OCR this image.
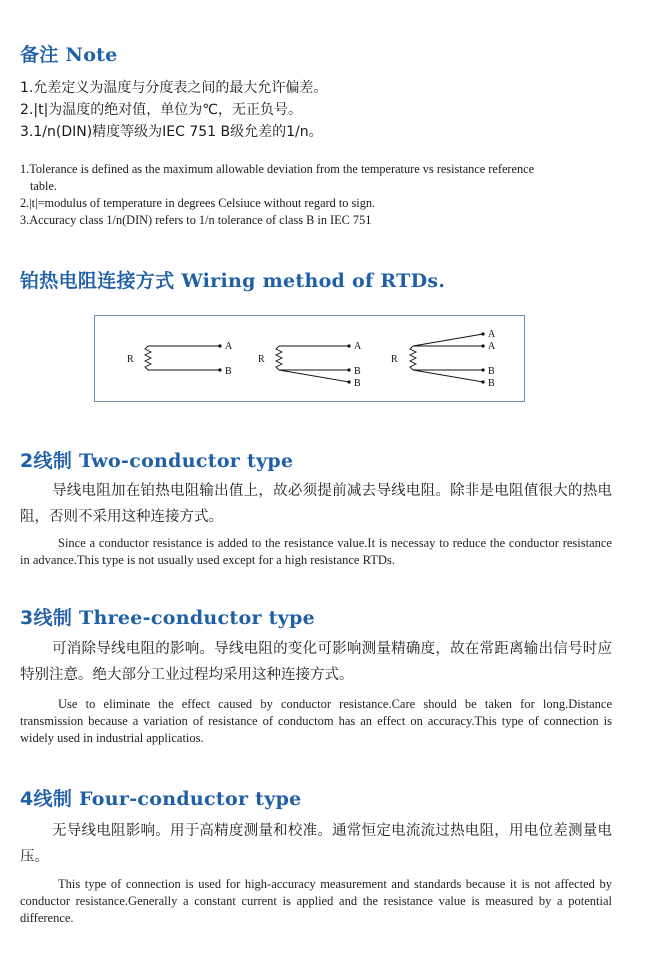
备注 Note
1.允差定义为温度与分度表之间的最大允许偏差。
2.|t|为温度的绝对值，单位为℃，无正负号。
3.1/n(DIN)精度等级为IEC 751 B级允差的1/n。
1.Tolerance is defined as the maximum allowable deviation from the temperature vs resistance reference
table.
2.|t|=modulus of temperature in degrees Celsiuce without regard to sign.
3.Accuracy class 1/n(DIN) refers to 1/n tolerance of class B in IEC 751
铂热电阻连接方式 Wiring method of RTDs.
R
A
B
R
A
B
B
R
A
A
B
B
2线制 Two-conductor type
导线电阻加在铂热电阻输出值上，故必须提前减去导线电阻。除非是电阻值很大的热电阻，否则不采用这种连接方式。
Since a conductor resistance is added to the resistance value.It is necessay to reduce the conductor resistance in advance.This type is not usually used except for a high resistance RTDs.
3线制 Three-conductor type
可消除导线电阻的影响。导线电阻的变化可影响测量精确度，故在常距离输出信号时应特别注意。绝大部分工业过程均采用这种连接方式。
Use to eliminate the effect caused by conductor resistance.Care should be taken for long.Distance transmission because a variation of resistance of conductom has an effect on accuracy.This type of connection is widely used in industrial applicatios.
4线制 Four-conductor type
无导线电阻影响。用于高精度测量和校准。通常恒定电流流过热电阻，用电位差测量电压。
This type of connection is used for high-accuracy measurement and standards because it is not affected by conductor resistance.Generally a constant current is applied and the resistance value is measured by a potential difference.
